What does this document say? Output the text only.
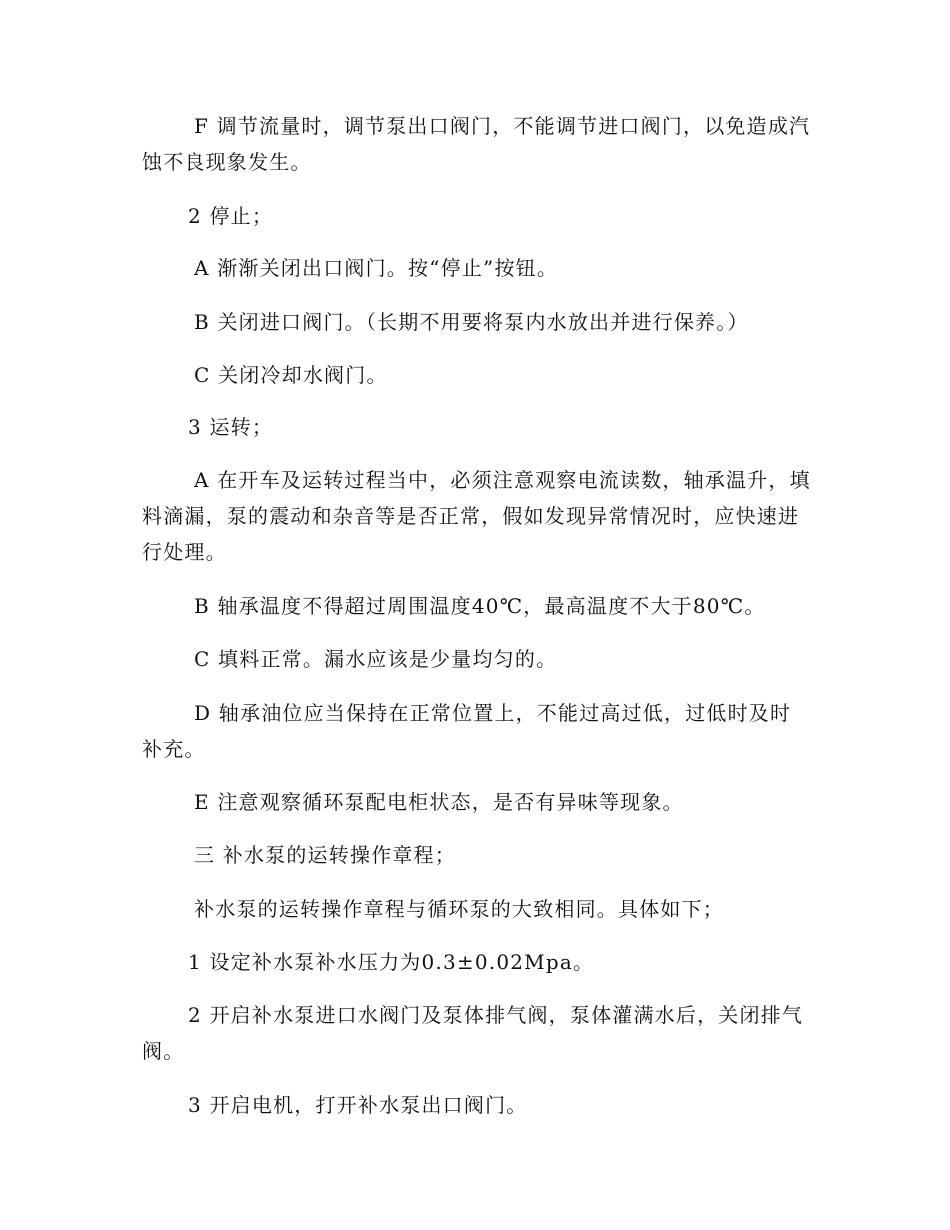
F 调节流量时，调节泵出口阀门，不能调节进口阀门，以免造成汽蚀不良现象发生。

2 停止；

A 渐渐关闭出口阀门。按“停止”按钮。

B 关闭进口阀门。（长期不用要将泵内水放出并进行保养。）

C 关闭冷却水阀门。

3 运转；

A 在开车及运转过程当中，必须注意观察电流读数，轴承温升，填料滴漏，泵的震动和杂音等是否正常，假如发现异常情况时，应快速进行处理。

B 轴承温度不得超过周围温度40℃，最高温度不大于80℃。

C 填料正常。漏水应该是少量均匀的。

D 轴承油位应当保持在正常位置上，不能过高过低，过低时及时补充。

E 注意观察循环泵配电柜状态，是否有异味等现象。

三 补水泵的运转操作章程；

补水泵的运转操作章程与循环泵的大致相同。具体如下；

1 设定补水泵补水压力为0.3±0.02Mpa。

2 开启补水泵进口水阀门及泵体排气阀，泵体灌满水后，关闭排气阀。

3 开启电机，打开补水泵出口阀门。
